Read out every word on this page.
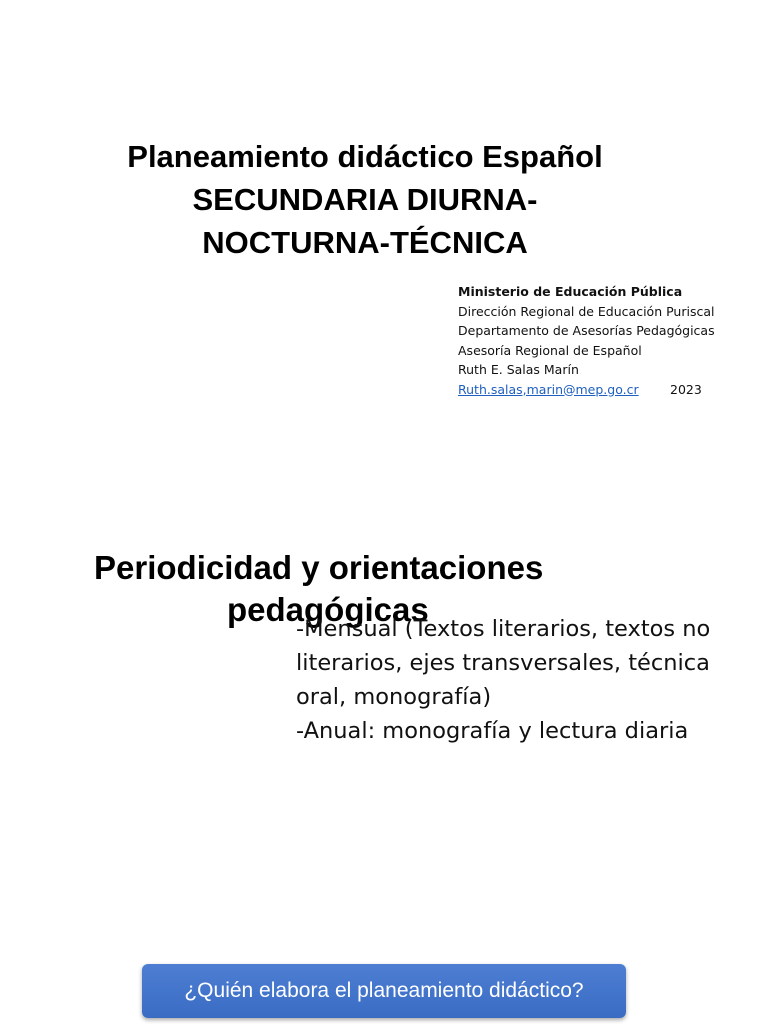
Planeamiento didáctico Español
SECUNDARIA DIURNA-
NOCTURNA-TÉCNICA
Ministerio de Educación Pública
Dirección Regional de Educación Puriscal
Departamento de Asesorías Pedagógicas
Asesoría Regional de Español
Ruth E. Salas Marín
Ruth.salas,marin@mep.go.cr	2023
Periodicidad y orientaciones
pedagógicas

-Mensual (Textos literarios, textos no literarios, ejes transversales, técnica oral, monografía)

-Anual: monografía y lectura diaria

¿Quién elabora el planeamiento didáctico?
